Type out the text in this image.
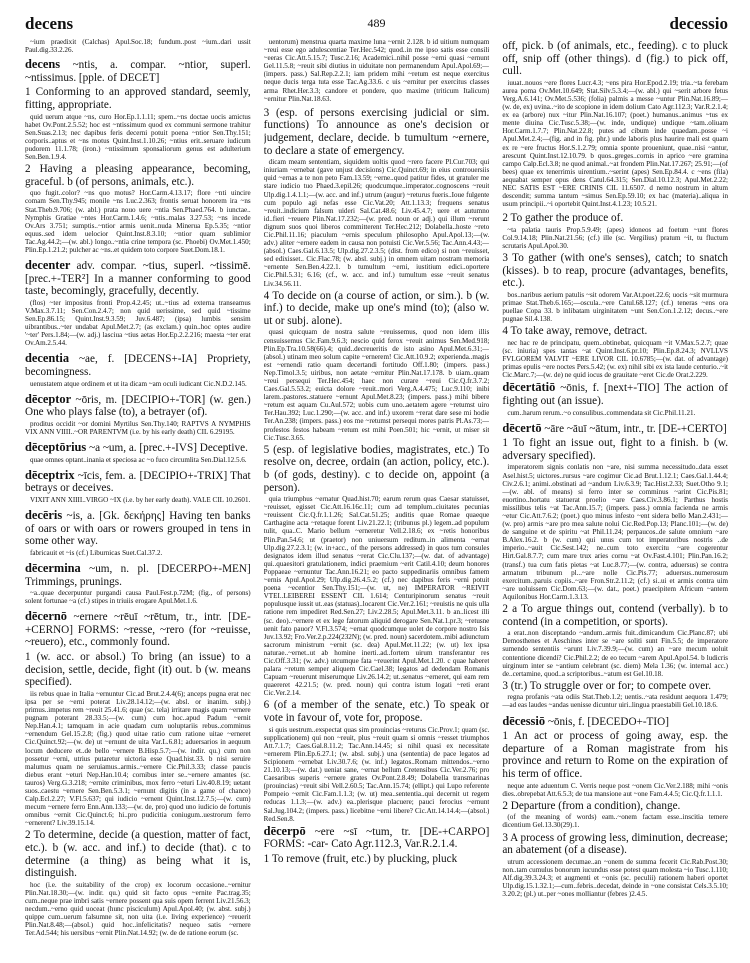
decens	489	decessio
~ium praedixit (Calchas) Apul.Soc.18; fundum..post ~ium..dari ussit Paul.dig.33.2.26.
decens ~ntis, a. compar. ~ntior, superl. ~ntissimus. [pple. of DECET]
1 Conforming to an approved standard, seemly, fitting, appropriate.
quid uerum atque ~ns, curo Hor.Ep.1.1.11; spem..~ns doctae uocis amictus habet Ov.Pont.2.5.52; hoc est ~ntissimum quod ex communi sermone trahitur Sen.Suas.2.13; nec dapibus feris decerni potuit poena ~ntior Sen.Thy.151; corporis..aptus et ~ns motus Quint.Inst.1.10.26; ~ntius erit..seruare iudicum pudorem 11.1.78; (iron.) ~ntissimum sponsaliorum genus est adulterium Sen.Ben.1.9.4.
2 Having a pleasing appearance, becoming, graceful. b (of persons, animals, etc.).
quo fugit..color? ~ns quo motus? Hor.Carm.4.13.17; flore ~nti uincire comam Sen.Thy.945; monile ~ns Luc.2.363; frontis seruat honorem ira ~ns Stat.Theb.9.706; (w. abl.) prata nouo uere ~ntia Sen.Phaed.764. b iunctae.. Nymphis Gratiae ~ntes Hor.Carm.1.4.6; ~ntis..malas 3.27.53; ~ns incede Ov.Ars 3.751; sumptis..~ntior armis uenit..nuda Minerua Ep.5.35; ~ntior equus..sed idem uelocior Quint.Inst.8.3.10; ~ntior quam sublimior Tac.Ag.44.2;—(w. abl.) longo..~ntia crine tempora (sc. Phoebi) Ov.Met.1.450; Plin.Ep.1.21.2; pulcher ac ~ns..et quidem toto corpore Suet.Dom.18.1.
decenter adv. compar. ~tius, superl. ~tissimē. [prec.+-TER²] In a manner conforming to good taste, becomingly, gracefully, decently.
(flos) ~ter impositus fronti Prop.4.2.45; ut..~tius ad externa transeamus V.Max.3.7.11; Sen.Con.2.4.7; non quid uerissime, sed quid ~tissime Sen.Ep.86.15; Quint.Inst.9.3.59; Juv.6.487; (ipsa) lumbis sensim uibrantibus..~ter undabat Apul.Met.2.7; (as exclam.) quin..hoc optes audire '~ter' Pers.1.84;—(w. adj.) lasciua ~tius aetas Hor.Ep.2.2.216; maesta ~ter erat Ov.Am.2.5.44.
decentia ~ae, f. [DECENS+-IA] Propriety, becomingness.
uenustatem atque ordinem et ut ita dicam ~am oculi iudicant Cic.N.D.2.145.
dēceptor ~ōris, m. [DECIPIO+-TOR] (w. gen.) One who plays false (to), a betrayer (of).
proditus occidit ~or domini Myrtilus Sen.Thy.140; RAPTVS A NYMPHIS VIX ANN VIIII..~OR PARENTVM (i.e. by his early death) CIL 6.29195.
dēceptōrius ~a ~um, a. [prec.+-IVS] Deceptive.
quae omnes optant..inania et speciosa ac ~o fuco circumlita Sen.Dial.12.5.6.
dēceptrix ~īcis, fem. a. [DECIPIO+-TRIX] That betrays or deceives.
VIXIT ANN XIIII..VIRGO ~IX (i.e. by her early death). VALE CIL 10.2601.
decēris ~is, a. [Gk. δεκήρης] Having ten banks of oars or with oars or rowers grouped in tens in some other way.
fabricauit et ~is (cf.) Liburnicas Suet.Cal.37.2.
dēcermina ~um, n. pl. [DECERPO+-MEN] Trimmings, prunings.
~a..quae decerpuntur purgandi causa Paul.Fest.p.72M; (fig., of persons) solent fortunae ~a (cf.) stipes in triuiis erogare Apul.Met.1.6.
dēcernō ~ernere ~rēuī ~rētum, tr., intr. [DE-+CERNO] FORMS: ~resse, ~rero (for ~reuisse, ~reuero), etc., commonly found.
1 (w. acc. or absol.) To bring (an issue) to a decision, settle, decide, fight (it) out. b (w. means specified).
iis rebus quae in Italia ~ernuntur Cic.ad Brut.2.4.4(6); anceps pugna erat nec ipsa per se ~erni poterat Liv.28.14.12;—(w. absl. or inanim. subj.) primus..impetus rem ~reuit 25.41.6; quae (sc. tela) irritare magis quam ~ernere pugnam poterant 28.33.5;—(w. cum) cum hoc..apud Padum ~ernit Nep.Han.4.1; tamquam in acie quadam cum uoluptariis rebus..comminus ~ernendum Gel.15.2.8; (fig.) quod uitae ratio cum ratione uitae ~erneret Cic.Quinct.92;—(w. de) ut ~ernunt de uita Var.L.6.81; aduersarios in aequum locum deducere et..de bello ~ernere B.Hisp.5.7;—(w. indir. qu.) cum non possetur ~erni, utrius putaretur uictoria esse Quad.hist.33. b nisi seruire malumus quam ne seruiamus..armis..~ernere Cic.Phil.3.33; classe paucis diebus erant ~eturi Nep.Han.10.4; cornibus inter se..~ernere amantes (sc. tauros) Verg.G.3.218; ~ernite criminibus, mox ferro ~eturi Liv.40.8.19; uetant suos..caestu ~ernere Sen.Ben.5.3.1; ~ernunt digitis (in a game of chance) Calp.Ecl.2.27; V.Fl.5.637; qui iudicio ~ernent Quint.Inst.12.7.5;—(w. cum) mecum ~ernere ferro Enn.Ann.133;—(w. de, pro) quod uno iudicio de fortunis omnibus ~ernit Cic.Quinct.6; hi..pro pudicitia coniugum..uestrorum ferro ~ernerent? Liv.39.15.14.
2 To determine, decide (a question, matter of fact, etc.). b (w. acc. and inf.) to decide (that). c to determine (a thing) as being what it is, distinguish.
hoc (i.e. the suitability of the crop) ex locorum occasione..~ernitur Plin.Nat.18.30;—(w. indir. qu.) quid sit facto opus ~ernite Pac.trag.35; cum..neque prae imbri satis ~ernere possent qua suis opem ferrent Liv.21.56.3; necdum..~erno quid uoceat (hunc pisciculum) Apul.Apol.40; (w. abst. subj.) quippe cum..uerum falsumne sit, non uita (i.e. living experience) ~reuerit Plin.Nat.8.48;—(absol.) quid hoc..infelicitatis? nequeo satis ~ernere Ter.Ad.544; his uersibus ~ernit Plin.Nat.14.92; (w. de de ratione eorum (sc.
uentorum) menstrua quarta maxime luna ~ernit 2.128. b id uitium numquam ~reui esse ego adulescentiae Ter.Hec.542; quod..in me ipso satis esse consili ~eeras Cic.Att.5.15.7; Tusc.2.16; Academici..nihil posse ~erni quasi ~ernunt Gel.11.5.8; ~reuit sibi diutius in uiduitate non permanendum Apul.Apol.69;—(impers. pass.) Sal.Rep.2.2.1; iam pridem mihi ~retum est neque exercitus neque ducis terga tuta esse Tac.Ag.33.6. c uis ~ernitur per exercitus classes arma Rhet.Her.3.3; candore et pondere, quo maxime (triticum Italicum) ~ernitur Plin.Nat.18.63.
3 (esp. of persons exercising judicial or sim. functions) To announce as one's decision or judgement, declare, decide. b tumultum ~ernere, to declare a state of emergency.
dicam meam sententiam, siquidem uoltis quod ~rero facere Pl.Cur.703; qui iniuriam ~ernebat (gave unjust decisions) Cic.Quinct.69; in eius controuersiis quid ~ernas a te non peto Fam.13.59; ~erne..quod patitur fides, ut gratuler me stare iudicio tuo Phaed.3.epil.26; quodcumque..imperator..cognoscens ~reuit Ulp.dig.1.4.1.1;—(w. acc. and inf.) utrum (augur) ~returus fueris..Ioue fulgente cum populo agi nefas esse Cic.Vat.20; Att.1.13.3; frequens senatus ~reuit..indicium falsum uideri Sal.Cat.48.6; Liv.45.4.7; uere et autumno id..fieri ~reuere Plin.Nat.17.232;—(w. pred. noun or adj.) qui illum ~rerunt dignum suos quoi liberos committerent Ter.Hec.212; Dolabella..hoste ~reto Cic.Phil.11.16; piaculum ~ernis speculum philosopho Apul.Apol.13;—(w. adv.) aliter ~ernere eadem in causa non potuisti Cic.Ver.5.56; Tac.Ann.4.43;—(absol.) Caes.Gal.6.13.5; Ulp.dig.27.2.3.5; (dist. from edico) si non ~reuisset, sed edixisset.. Cic.Flac.78; (w. absl. subj.) in omnem uitam nostram memoria ~ernente Sen.Ben.4.22.1. b tumultum ~erni, iustitium edici..oportere Cic.Phil.5.31; 6.16; (cf., w. acc. and inf.) tumultum esse ~reuit senatus Liv.34.56.11.
4 To decide on (a course of action, or sim.). b (w. inf.) to decide, make up one's mind (to); (also w. ut or subj. alone).
quasi quicquam de nostra salute ~reuissemus, quod non idem illis censuissemus Cic.Fam.9.6.3; nescio quid ferox ~reuit animus Sen.Med.918; Plin.Ep.Tra.10.58(66).4; quid..decreueritis de isto asino Apul.Met.6.31;—(absol.) utinam meo solum capite ~ernerem! Cic.Att.10.9.2; experienda..magis est ~ernendi ratio quam decertandi fortitudo Off.1.80; (impers. pass.) Nep.Timol.3.5; uiribus, non aetate ~ernitur Plin.Nat.17.178. b uiam..quam ~reui persequi Ter.Hec.454; haec non curare ~reui Cic.Q.fr.3.7.2; Caes.Gal.5.53.2; euicta dolore ~reuit..mori Verg.A.4.475; Luc.9.110; inibi larem..pastores..statuere ~ernunt Apul.Met.8.23; (impers. pass.) mihi bibere ~retum est aquam Cu.Aul.572; uobis cum uno..aetatem agere ~retumst uiro Ter.Hau.392; Luc.1.290;—(w. acc. and inf.) uxorem ~rerat dare sese mi hodie Ter.An.238; (impers. pass.) eos me ~retumst persequi mores patris Pl.As.73;—profestos festos habeam ~retum est mihi Poen.501; hic ~ernit, ut miser sit Cic.Tusc.3.65.
5 (esp. of legislative bodies, magistrates, etc.) To resolve on, decree, ordain (an action, policy, etc.). b (of gods, destiny). c to decide on, appoint (a person).
quia triumphus ~ernatur Quad.hist.70; earum rerum quas Caesar statuisset, ~reuisset, egisset Cic.Att.16.16c.11; cum ad templum..ciuitates pecunias ~reuissent Cic.Q.fr.1.1.26; Sal.Cat.51.25; auditis quae Romae quaeque Carthagine acta ~retaque forent Liv.21.22.1; (tribunus pl.) legem..ad populum tulit, qua..C. Mario bellum ~erneretur Vell.2.18.6; ex ~retis honoribus Plin.Pan.54.6; ut (praetor) non uniuersum reditum..in alimenta ~ernat Ulp.dig.27.2.3.1; (w. in+acc., of the persons addressed) in quos tum consules designatos idem illud senatus ~rerat Cic.Clu.137;—(w. dat. of advantage) qui..quaesitori gratulationem, indici praemium ~erit Catil.4.10; deum honores Poppaeae ~ernuntur Tac.Ann.16.21; eo pacto suppedinariis omnibus famem ~ernis Apul.Apol.29; Ulp.dig.26.4.5.2; (cf.) nec dapibus feris ~erni potuit poena ~ecentior Sen.Thy.151;—(w. ut, ne) IMPERATOR ~REIVIT VTEI..LEIBEREI ESSENT CIL 1.614; Centuripinorum senatus ~reuit populusque iussit ut..eas (statuas)..locarent Cic.Ver.2.161; ~reuistis ne quis ulla ratione rem impediret Red.Sen.27; Liv.2.28.5; Apul.Met.3.11. b an..licest illi (sc. deo)..~ernere et ex lege fatorum aliquid derogare Sen.Nat.1.pr.3; ~retusne uenit fato pauor? V.Fl.3.574; ~ernat quodcumque uolet de corpore nostro Isis Juv.13.92; Fro.Ver.2.p.224(232N); (w. pred. noun) sacerdotem..mibi adiunctum sacrorum ministrum ~ernit (sc. dea) Apul.Met.11.22; (w. ut) lex ipsa naturae..~ernet..ut ab homine inerti..ad..fortem uirum transferantur res Cic.Off.3.31; (w. adv.) utcumque fata ~reuerint Apul.Met.1.20. c quae haberet palara ~retum semper aliquem Cic.Cael.38; legatos ad dedendam Romanis Capuam ~reuerunt miserumque Liv.26.14.2; ut..senatus ~erneret, qui eam rem quaereret 42.21.5; (w. pred. noun) qui contra istum logati ~reti erant Cic.Ver.2.14.
6 (of a member of the senate, etc.) To speak or vote in favour of, vote for, propose.
si quis uestrum..exspectat quas sim prouincias ~returus Cic.Prov.1; quam (sc. supplicationem) qui non ~reuit, plus ~reuit quam si omnis ~resset triumphos Att.7.1.7; Caes.Gal.8.11.2; Tac.Ann.14.45; si nihil quasi ex necessitate ~ernerem Plin.Ep.6.27.1; (w. absl. subj.) una (sententia) de pace legatos ad Scipionem ~ernebat Liv.30.7.6; (w. inf.) legatos..Romam mittendos..~erno 21.10.13;—(w. dat.) ueniat sane, ~ernat bellum Cretensibus Cic.Ver.2.76; pro Caesaribus superis ~ernere grates Ov.Pont.2.8.49; Dolabella transmarinas (prouincias) ~reuit sibi Vell.2.60.5; Tac.Ann.15.74; (ellipt.) qui Lupo referente Pompeio ~ernit Cic.Fam.1.1.3; (w. ut) mea..sententia..qui decernit ut regem reducas 1.1.3;—(w. adv.) ea..plerisque placuere; pauci ferocius ~ernunt Sal.Jug.104.2; (impers. pass.) licebitne ~erni libere? Cic.Att.14.14.4;—(absol.) Red.Sen.8.
dēcerpō ~ere ~sī ~tum, tr. [DE-+CARPO] FORMS: -car- Cato Agr.112.3, Var.R.2.1.4.
1 To remove (fruit, etc.) by plucking, pluck
off, pick. b (of animals, etc., feeding). c to pluck off, snip off (other things). d (fig.) to pick off, cull.
iuuat..nouos ~ere flores Lucr.4.3; ~ens pira Hor.Epod.2.19; tria..~ta ferebam aurea poma Ov.Met.10.649; Stat.Silv.5.3.4;—(w. abl.) qui ~serit arbore fetus Verg.A.6.141; Ov.Met.5.536; (folia) palmis a messe ~untur Plin.Nat.16.89;—(w. de, ex) uvina..~ito de scopione in idem dolium Cato Agr.112.3; Var.R.2.1.4; ex ea (arbore) nux ~itur Plin.Nat.16.107; (poet.) humanus..animus ~tus ex mente diuina Cic.Tusc.5.38;—(w. inde, undique) undique ~tam..oliuam Hor.Carm.1.7.7; Plin.Nat.22.8; putes ad cibum inde quaedam..posse ~i Apul.Met.2.4;—(fig. and in fig. phr.) unde laboris plus haurire mali est quam ex re ~ere fructus Hor.S.1.2.79; omnia sponte proueniunt, quae..nisi ~antur, arescunt Quint.Inst.12.10.79. b quos..greges..cornis in aprico ~ere gramina campo Calp.Ecl.3.8; ne quod animal..~at frondem Plin.Nat.17.267; 25.91;—(of bees) quae ex tenerrimis uirentium..~serint (apes) Sen.Ep.84.4. c ~ens (fila) aequabat semper opus dens Catul.64.315; Sen.Dial.10.12.3; Apul.Met.2.22; NEC SATIS EST ~ERE CRINIS CIL 11.6507. d nemo nostrum in altum descendit; summa tantum ~simus Sen.Ep.59.10; ex hac (materia)..aliqua in usum principii..~i oportebit Quint.Inst.4.1.23; 10.5.21.
2 To gather the produce of.
~ta palatia tauris Prop.5.9.49; (apes) idoneos ad foetum ~unt flores Col.9.14.18; Plin.Nat.21.56; (cf.) ille (sc. Vergilius) pratum ~it, tu fluctum scrutaris Apul.Apol.30.
3 To gather (with one's senses), catch; to snatch (kisses). b to reap, procure (advantages, benefits, etc.).
bos..naribus aerium patulis ~sit odorem Var.At.poet.22.6; uocis ~sit murmura primae Stat.Theb.6.165;—oscula..~ere Catul.68.127; (cf.) teneras ~ens ora puellae Copa 33. b inlibatam uirginitatem ~unt Sen.Con.1.2.12; decus..~ere pugnae Sil.4.138.
4 To take away, remove, detract.
nec hac re de principatu, quem..obtinebat, quicquam ~it V.Max.5.2.7; quae (sc. iniuria) spes tantas ~at Quint.Inst.6.pr.10; Plin.Ep.8.24.3; NVLLVS FVLGOREM VALVIT ~ERE LIVOR CIL 10.6785;—(w. dat. of advantage) primas epulis ~ere noctes Pers.5.42; (w. ex) nihil sibi ex ista laude centurio..~it Cic.Marc.7;—(w. de) ne quid iocus de grauitate ~eret Cic.de Orat.2.229.
dēcertātiō ~ōnis, f. [next+-TIO] The action of fighting out (an issue).
cum..harum rerum..~o consulibus..commendata sit Cic.Phil.11.21.
dēcertō ~āre ~āuī ~ātum, intr., tr. [DE-+CERTO]
1 To fight an issue out, fight to a finish. b (w. adversary specified).
imperatorem signis conlatis non ~are, nisi summa necessitudo..data esset Asel.hist.5; uictores..rursus ~are cogimur Cic.ad Brut.1.12.1; Caes.Gal.1.44.4; Civ.2.6.1; animi..obstinati ad ~andum Liv.6.3.9; Tac.Hist.2.33; Suet.Otho 9.1;—(w. abl. of means) si ferro inter se comminus ~arint Cic.Pis.81; euortino..hortatu statuerat proelio ~are Caes.Civ.3.86.1; Parthus hostis missilibus telis ~at Tac.Ann.15.7; (impers. pass.) omnia facienda ne armis ~etur Cic.Att.7.6.2; (poet.) quo minus infesto ~ent sidera bello Man.2.431;—(w. pro) armis ~are pro mea salute nolui Cic.Red.Pop.13; Planc.101;—(w. de) de sanguine et de spiritu ~at Phil.11.24; perpaucos..de salute omnium ~are B.Alex.16.2. b (w. cum) qui unus cum tot imperatoribus nostris ..de imperio..~auit Cic.Sest.142; ne..cum toto exercitu ~are cogerentur Hirt.Gal.8.7.7; cum mare trux aries cornu ~at Ov.Fast.4.101; Plin.Pan.16.2; (transf.) tua cum fatis pietas ~at Luc.8.77;—(w. contra, aduersus) se contra armatum tribunum pl...~are nolle Cic.Pis.77; aduersus..numerosum exercitum..paruis copiis..~are Fron.Str.2.11.2; (cf.) si..ui et armis contra uim ~are uoluissem Cic.Dom.63;—(w. dat., poet.) praecipitem Africum ~antem Aquilonibus Hor.Carm.1.3.13.
2 a To argue things out, contend (verbally). b to contend (in a competition, or sports).
a erat..non disceptando ~andum..armis fuit..dimicandum Cic.Planc.87; ubi Demosthenes et Aeschines inter se ~are soliti sunt Fin.5.5; de imperatore sumendo sententiis ~arunt Liv.7.39.9;—(w. cum) an ~are mecum uoluit contentione dicendi? Cic.Phil.2.2; de eo tecum ~arem Apul.Apol.54. b ludicris uirginum inter se ~antium celebrant (sc. diem) Mela 1.36; (w. internal acc.) de..certamine, quod..a scriptoribus..~atum est Gel.10.18.
3 (tr.) To struggle over or for; to compete over.
regna profanis ~ata odiis Stat.Theb.1.2; uentis..~ata residunt aequora 1.479;—ad eas laudes ~andas uenisse dicuntur uiri..lingua praestabili Gel.10.18.6.
dēcessiō ~ōnis, f. [DECEDO+-TIO]
1 An act or process of going away, esp. the departure of a Roman magistrate from his province and return to Rome on the expiration of his term of office.
neque ante aduentum C. Verris neque post ~onem Cic.Ver.2.188; mihi ~onis dies..obrepebat Att.6.5.3; de tua mansione aut ~one Fam.4.4.5; Cic.Q.fr.1.1.1.
2 Departure (from a condition), change.
(of the meaning of words) eam..~onem factam esse..inscitia temere dicentium Gel.13.30(29).1.
3 A process of growing less, diminution, decrease; an abatement (of a disease).
utrum accessionem decumae..an ~onem de summa fecerit Cic.Rab.Post.30; non..tam cumulus bonorum iucundus esse potest quam molesta ~io Tusc.1.110; Alf.dig.39.3.24.3; et augmenti et ~onis (sc. peculii) rationem haberi oportet Ulp.dig.15.1.32.1;—cum..febris..decedat, deinde in ~one consistat Cels.3.5.10; 3.20.2; (pl.) ut..per ~ones molliantur (febres )2.4.5.
